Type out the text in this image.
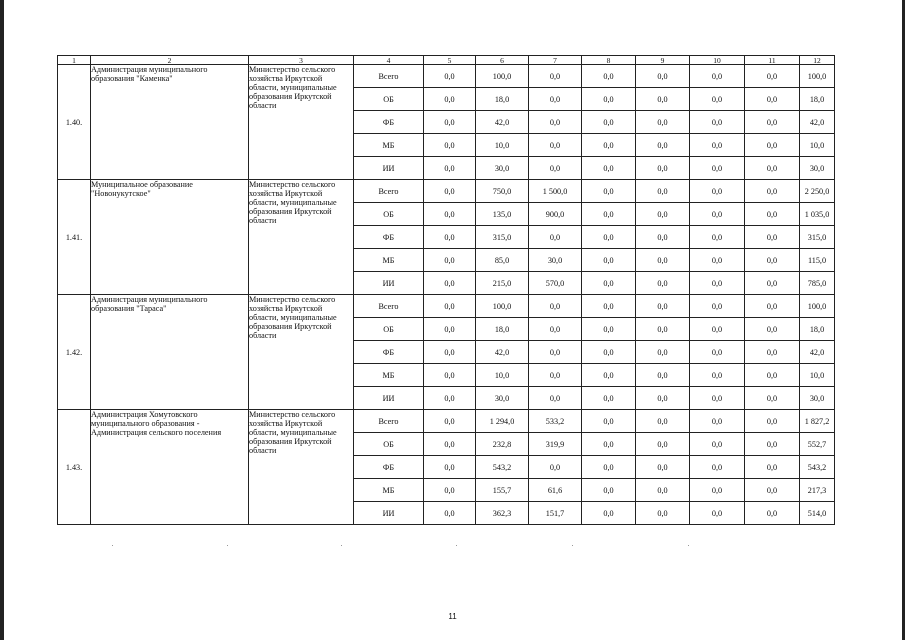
1	2	3	4	5	6	7	8	9	10	11	12
1.40.	Администрация муниципального образования "Каменка"	Министерство сельского хозяйства Иркутской области, муниципальные образования Иркутской области	Всего	0,0	100,0	0,0	0,0	0,0	0,0	0,0	100,0
			ОБ	0,0	18,0	0,0	0,0	0,0	0,0	0,0	18,0
			ФБ	0,0	42,0	0,0	0,0	0,0	0,0	0,0	42,0
			МБ	0,0	10,0	0,0	0,0	0,0	0,0	0,0	10,0
			ИИ	0,0	30,0	0,0	0,0	0,0	0,0	0,0	30,0
1.41.	Муниципальное образование "Новонукутское"	Министерство сельского хозяйства Иркутской области, муниципальные образования Иркутской области	Всего	0,0	750,0	1 500,0	0,0	0,0	0,0	0,0	2 250,0
			ОБ	0,0	135,0	900,0	0,0	0,0	0,0	0,0	1 035,0
			ФБ	0,0	315,0	0,0	0,0	0,0	0,0	0,0	315,0
			МБ	0,0	85,0	30,0	0,0	0,0	0,0	0,0	115,0
			ИИ	0,0	215,0	570,0	0,0	0,0	0,0	0,0	785,0
1.42.	Администрация муниципального образования "Тараса"	Министерство сельского хозяйства Иркутской области, муниципальные образования Иркутской области	Всего	0,0	100,0	0,0	0,0	0,0	0,0	0,0	100,0
			ОБ	0,0	18,0	0,0	0,0	0,0	0,0	0,0	18,0
			ФБ	0,0	42,0	0,0	0,0	0,0	0,0	0,0	42,0
			МБ	0,0	10,0	0,0	0,0	0,0	0,0	0,0	10,0
			ИИ	0,0	30,0	0,0	0,0	0,0	0,0	0,0	30,0
1.43.	Администрация Хомутовского муниципального образования - Администрация сельского поселения	Министерство сельского хозяйства Иркутской области, муниципальные образования Иркутской области	Всего	0,0	1 294,0	533,2	0,0	0,0	0,0	0,0	1 827,2
			ОБ	0,0	232,8	319,9	0,0	0,0	0,0	0,0	552,7
			ФБ	0,0	543,2	0,0	0,0	0,0	0,0	0,0	543,2
			МБ	0,0	155,7	61,6	0,0	0,0	0,0	0,0	217,3
			ИИ	0,0	362,3	151,7	0,0	0,0	0,0	0,0	514,0
11
